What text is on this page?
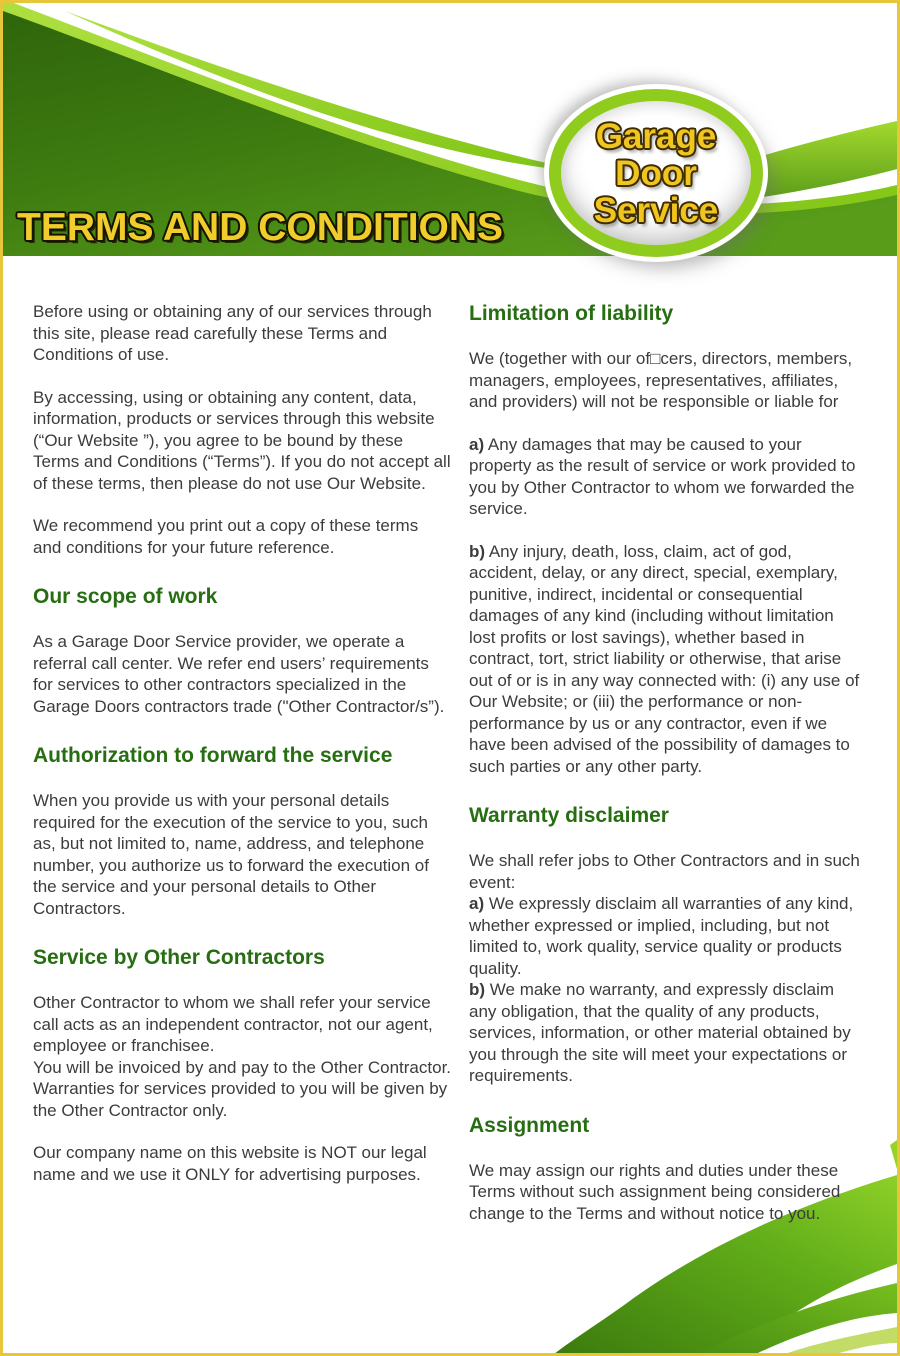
TERMS AND CONDITIONS
Garage
Door
Service

Before using or obtaining any of our services through this site, please read carefully these Terms and Conditions of use.

By accessing, using or obtaining any content, data, information, products or services through this website (“Our Website ”), you agree to be bound by these Terms and Conditions (“Terms”). If you do not accept all of these terms, then please do not use Our Website.

We recommend you print out a copy of these terms and conditions for your future reference.

Our scope of work

As a Garage Door Service provider, we operate a referral call center. We refer end users’ requirements for services to other contractors specialized in the Garage Doors contractors trade ("Other Contractor/s”).

Authorization to forward the service

When you provide us with your personal details required for the execution of the service to you, such as, but not limited to, name, address, and telephone number, you authorize us to forward the execution of the service and your personal details to Other Contractors.

Service by Other Contractors

Other Contractor to whom we shall refer your service call acts as an independent contractor, not our agent, employee or franchisee.

You will be invoiced by and pay to the Other Contractor.

Warranties for services provided to you will be given by the Other Contractor only.

Our company name on this website is NOT our legal name and we use it ONLY for advertising purposes.

Limitation of liability

We (together with our of□cers, directors, members, managers, employees, representatives, affiliates, and providers) will not be responsible or liable for

a) Any damages that may be caused to your property as the result of service or work provided to you by Other Contractor to whom we forwarded the service.

b) Any injury, death, loss, claim, act of god, accident, delay, or any direct, special, exemplary, punitive, indirect, incidental or consequential damages of any kind (including without limitation lost profits or lost savings), whether based in contract, tort, strict liability or otherwise, that arise out of or is in any way connected with: (i) any use of Our Website; or (iii) the performance or non-performance by us or any contractor, even if we have been advised of the possibility of damages to such parties or any other party.

Warranty disclaimer

We shall refer jobs to Other Contractors and in such event:

a) We expressly disclaim all warranties of any kind, whether expressed or implied, including, but not limited to, work quality, service quality or products quality.

b) We make no warranty, and expressly disclaim any obligation, that the quality of any products, services, information, or other material obtained by you through the site will meet your expectations or requirements.

Assignment

We may assign our rights and duties under these Terms without such assignment being considered change to the Terms and without notice to you.
